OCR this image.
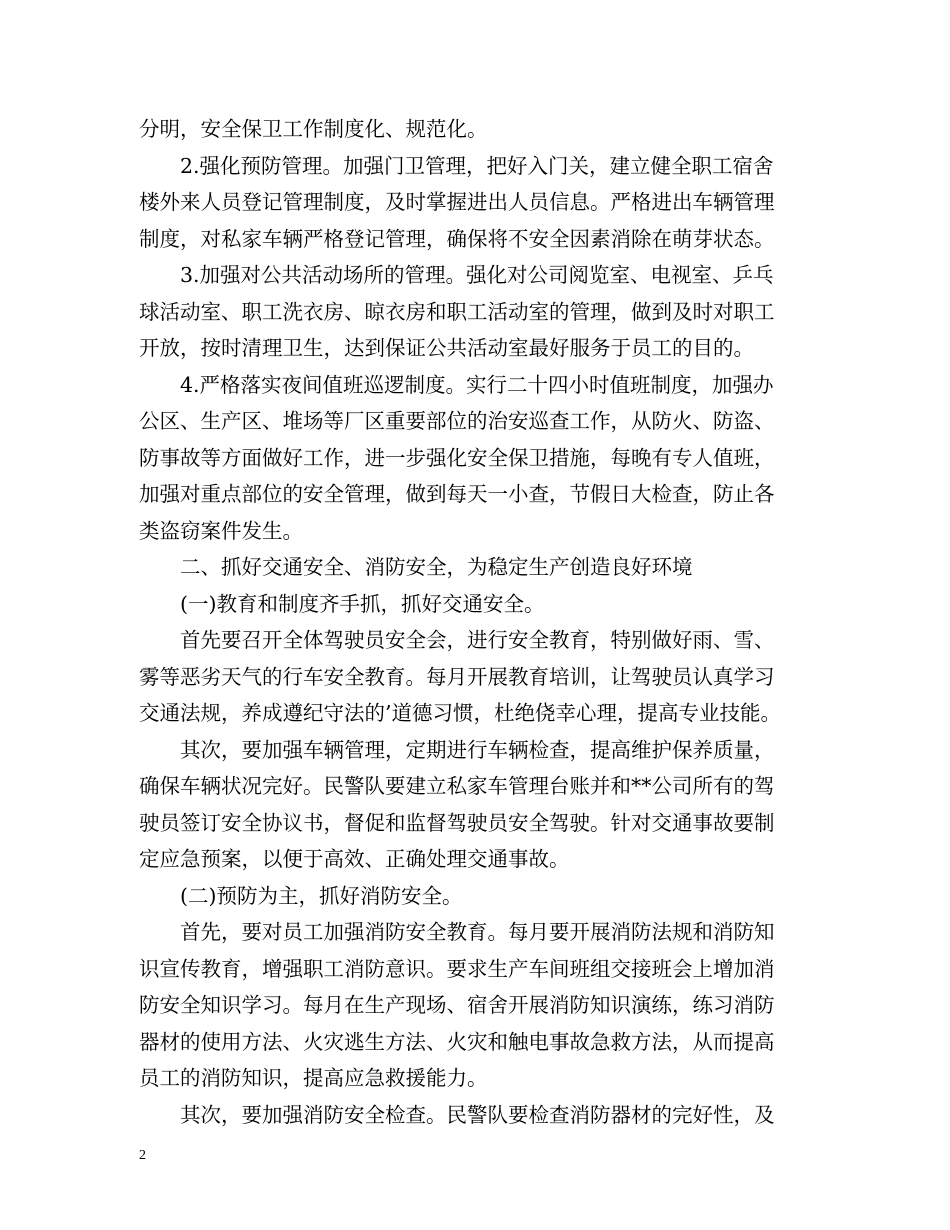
分明，安全保卫工作制度化、规范化。
2.强化预防管理。加强门卫管理，把好入门关，建立健全职工宿舍
楼外来人员登记管理制度，及时掌握进出人员信息。严格进出车辆管理
制度，对私家车辆严格登记管理，确保将不安全因素消除在萌芽状态。
3.加强对公共活动场所的管理。强化对公司阅览室、电视室、乒乓
球活动室、职工洗衣房、晾衣房和职工活动室的管理，做到及时对职工
开放，按时清理卫生，达到保证公共活动室最好服务于员工的目的。
4.严格落实夜间值班巡逻制度。实行二十四小时值班制度，加强办
公区、生产区、堆场等厂区重要部位的治安巡查工作，从防火、防盗、
防事故等方面做好工作，进一步强化安全保卫措施，每晚有专人值班，
加强对重点部位的安全管理，做到每天一小查，节假日大检查，防止各
类盗窃案件发生。
二、抓好交通安全、消防安全，为稳定生产创造良好环境
(一)教育和制度齐手抓，抓好交通安全。
首先要召开全体驾驶员安全会，进行安全教育，特别做好雨、雪、
雾等恶劣天气的行车安全教育。每月开展教育培训，让驾驶员认真学习
交通法规，养成遵纪守法的’道德习惯，杜绝侥幸心理，提高专业技能。
其次，要加强车辆管理，定期进行车辆检查，提高维护保养质量，
确保车辆状况完好。民警队要建立私家车管理台账并和**公司所有的驾
驶员签订安全协议书，督促和监督驾驶员安全驾驶。针对交通事故要制
定应急预案，以便于高效、正确处理交通事故。
(二)预防为主，抓好消防安全。
首先，要对员工加强消防安全教育。每月要开展消防法规和消防知
识宣传教育，增强职工消防意识。要求生产车间班组交接班会上增加消
防安全知识学习。每月在生产现场、宿舍开展消防知识演练，练习消防
器材的使用方法、火灾逃生方法、火灾和触电事故急救方法，从而提高
员工的消防知识，提高应急救援能力。
其次，要加强消防安全检查。民警队要检查消防器材的完好性，及
2
